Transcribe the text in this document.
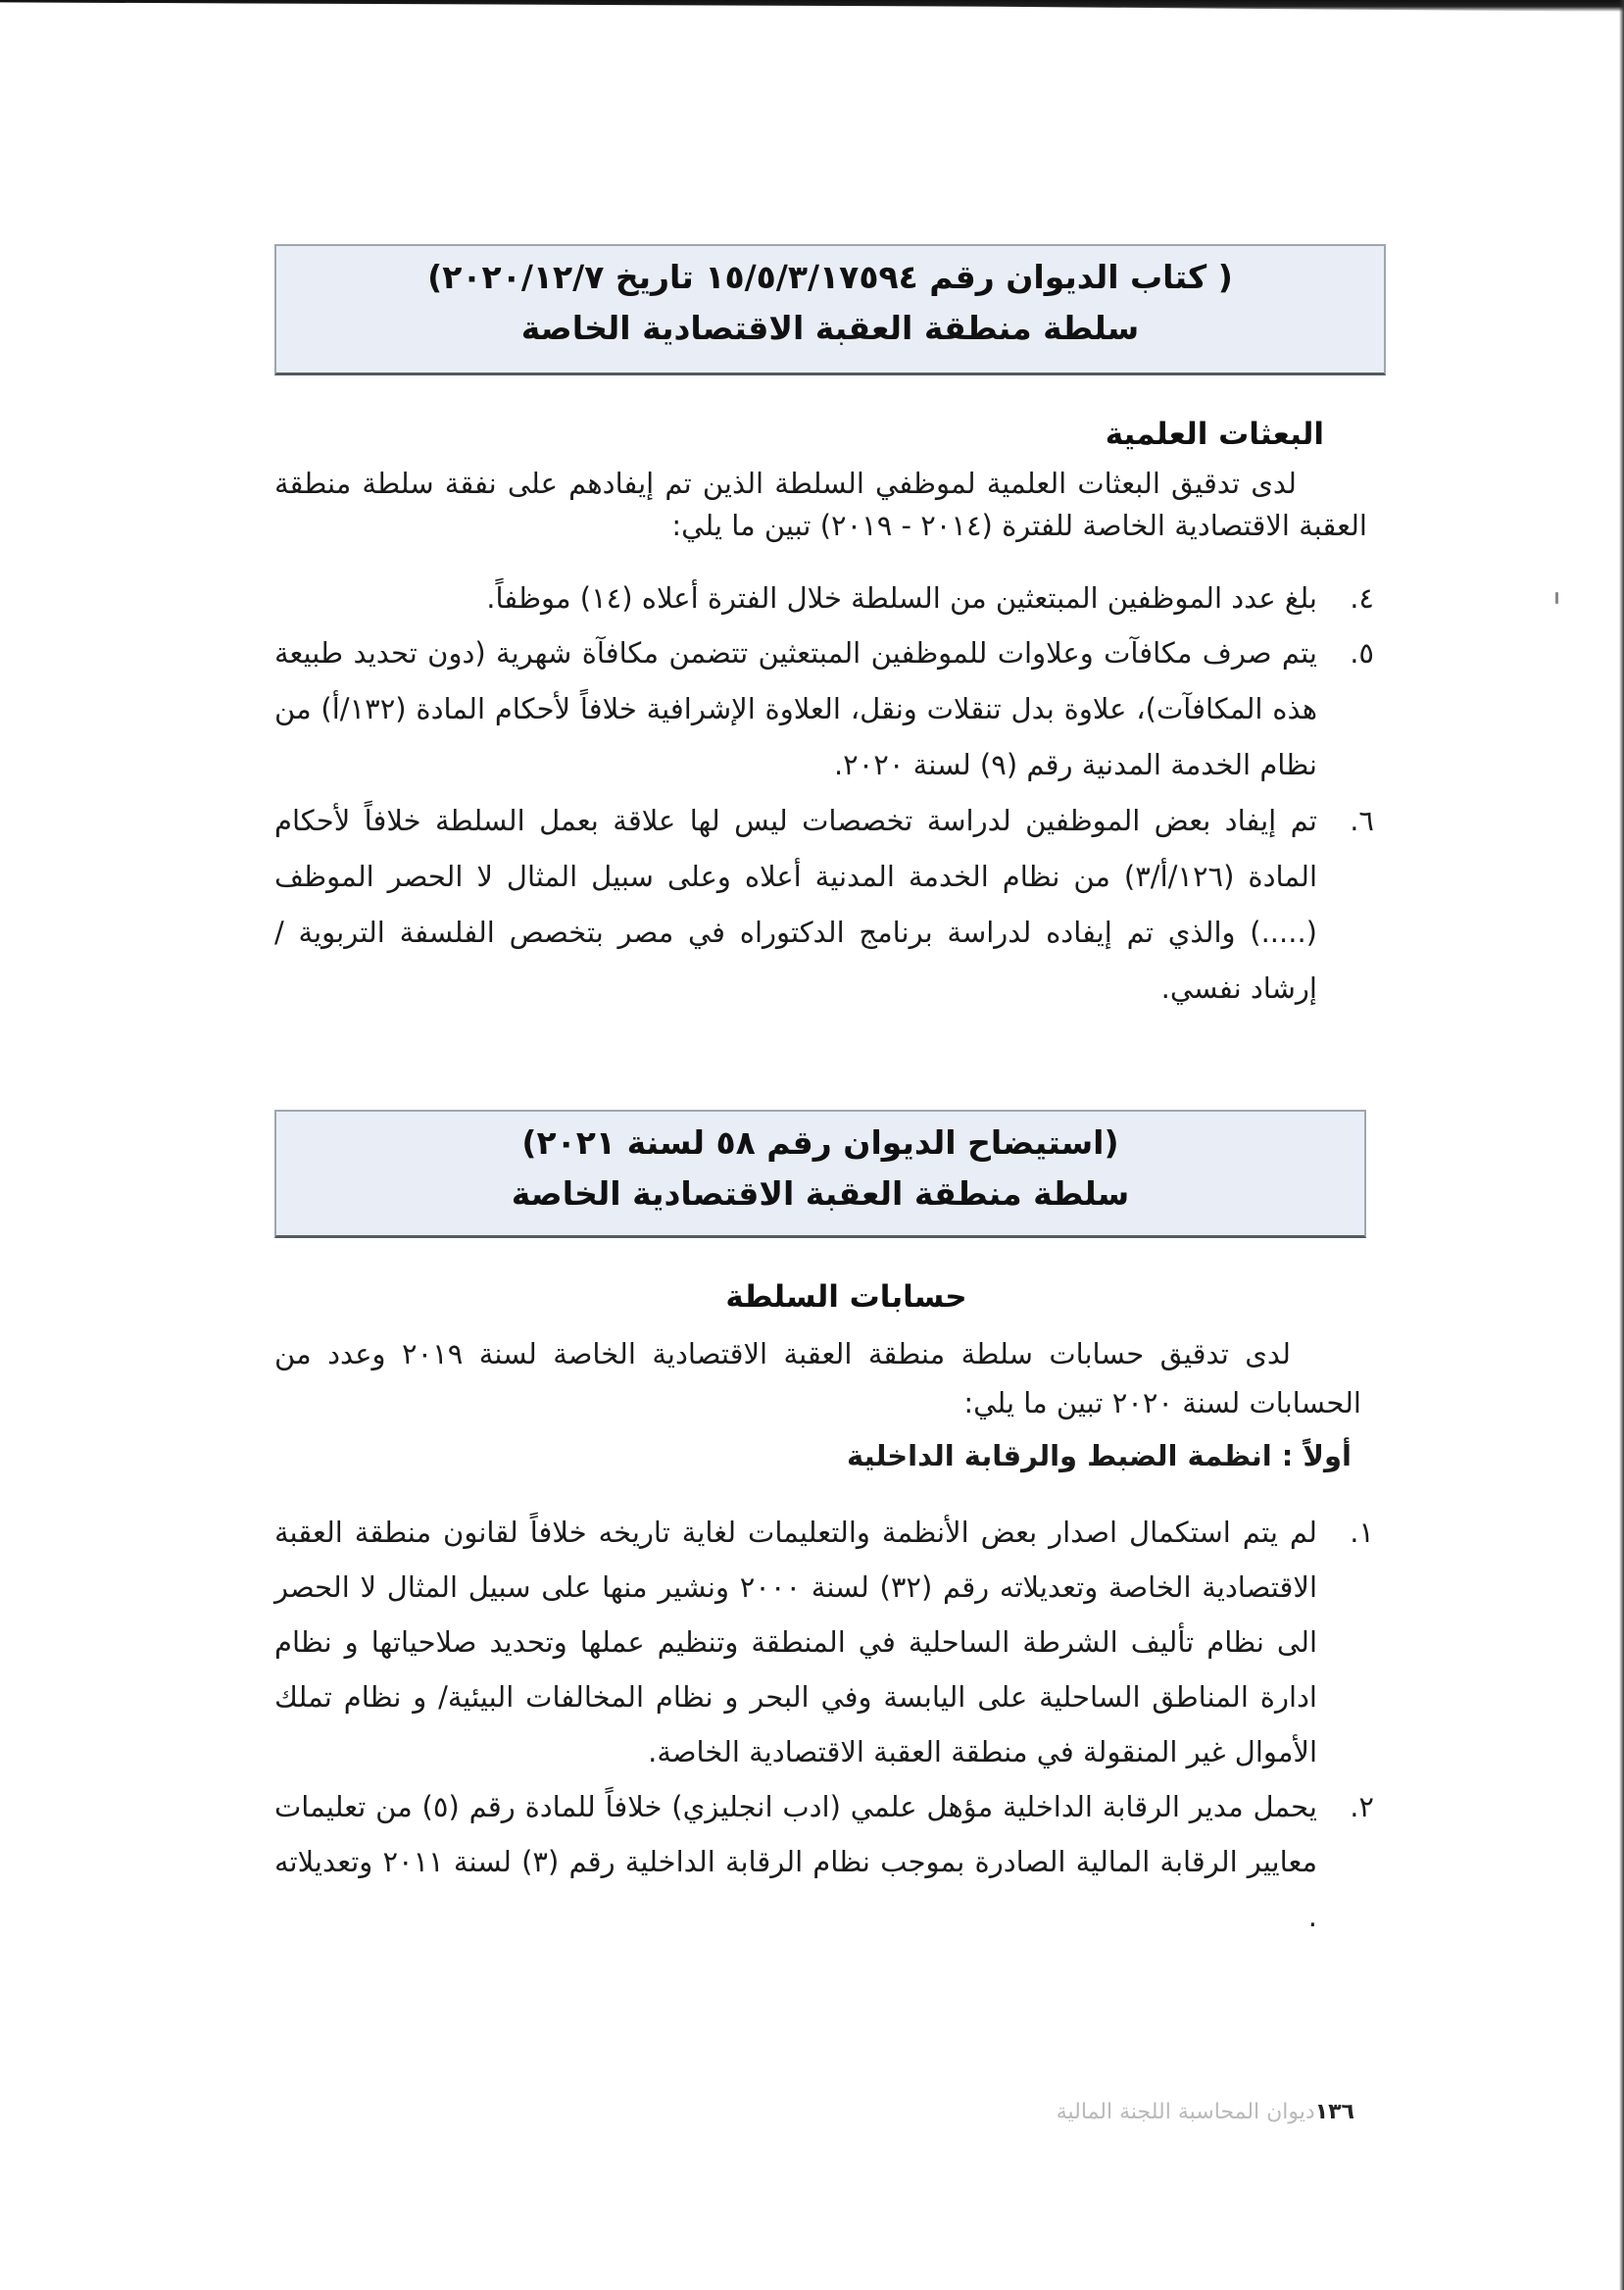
( كتاب الديوان رقم ١٥/٥/٣/١٧٥٩٤ تاريخ ٢٠٢٠/١٢/٧)
سلطة منطقة العقبة الاقتصادية الخاصة
البعثات العلمية
لدى تدقيق البعثات العلمية لموظفي السلطة الذين تم إيفادهم على نفقة سلطة منطقة العقبة الاقتصادية الخاصة للفترة (٢٠١٤ - ٢٠١٩) تبين ما يلي:
٤.
بلغ عدد الموظفين المبتعثين من السلطة خلال الفترة أعلاه (١٤) موظفاً.
٥.
يتم صرف مكافآت وعلاوات للموظفين المبتعثين تتضمن مكافآة شهرية (دون تحديد طبيعة هذه المكافآت)، علاوة بدل تنقلات ونقل، العلاوة الإشرافية خلافاً لأحكام المادة (١٣٢/أ) من نظام الخدمة المدنية رقم (٩) لسنة ٢٠٢٠.
٦.
تم إيفاد بعض الموظفين لدراسة تخصصات ليس لها علاقة بعمل السلطة خلافاً لأحكام المادة (١٢٦/أ/٣) من نظام الخدمة المدنية أعلاه وعلى سبيل المثال لا الحصر الموظف (.....) والذي تم إيفاده لدراسة برنامج الدكتوراه في مصر بتخصص الفلسفة التربوية / إرشاد نفسي.
(استيضاح الديوان رقم ٥٨ لسنة ٢٠٢١)
سلطة منطقة العقبة الاقتصادية الخاصة
حسابات السلطة
لدى تدقيق حسابات سلطة منطقة العقبة الاقتصادية الخاصة لسنة ٢٠١٩ وعدد من الحسابات لسنة ٢٠٢٠ تبين ما يلي:
أولاً : انظمة الضبط والرقابة الداخلية
١.
لم يتم استكمال اصدار بعض الأنظمة والتعليمات لغاية تاريخه خلافاً لقانون منطقة العقبة الاقتصادية الخاصة وتعديلاته رقم (٣٢) لسنة ٢٠٠٠ ونشير منها على سبيل المثال لا الحصر الى نظام تأليف الشرطة الساحلية في المنطقة وتنظيم عملها وتحديد صلاحياتها و نظام ادارة المناطق الساحلية على اليابسة وفي البحر و نظام المخالفات البيئية/ و نظام تملك الأموال غير المنقولة في منطقة العقبة الاقتصادية الخاصة.
٢.
يحمل مدير الرقابة الداخلية مؤهل علمي (ادب انجليزي) خلافاً للمادة رقم (٥) من تعليمات معايير الرقابة المالية الصادرة بموجب نظام الرقابة الداخلية رقم (٣) لسنة ٢٠١١ وتعديلاته .
١٣٦ديوان المحاسبة اللجنة المالية
